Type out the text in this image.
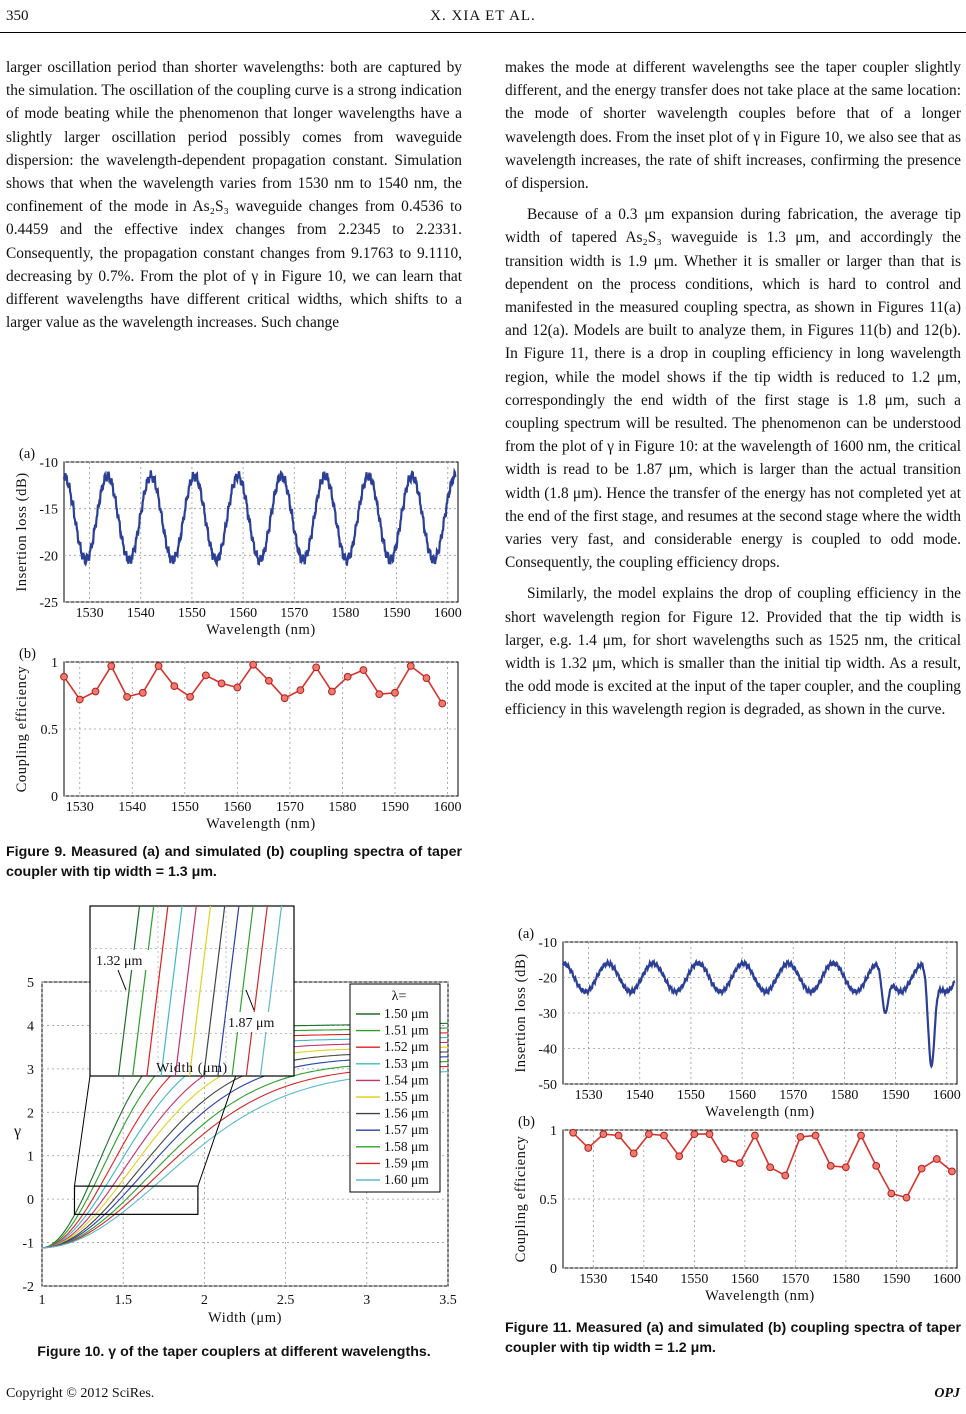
350	X. XIA ET AL.

larger oscillation period than shorter wavelengths: both are captured by the simulation. The oscillation of the coupling curve is a strong indication of mode beating while the phenomenon that longer wavelengths have a slightly larger oscillation period possibly comes from waveguide dispersion: the wavelength-dependent propagation constant. Simulation shows that when the wavelength varies from 1530 nm to 1540 nm, the confinement of the mode in As₂S₃ waveguide changes from 0.4536 to 0.4459 and the effective index changes from 2.2345 to 2.2331. Consequently, the propagation constant changes from 9.1763 to 9.1110, decreasing by 0.7%. From the plot of γ in Figure 10, we can learn that different wavelengths have different critical widths, which shifts to a larger value as the wavelength increases. Such change

makes the mode at different wavelengths see the taper coupler slightly different, and the energy transfer does not take place at the same location: the mode of shorter wavelength couples before that of a longer wavelength does. From the inset plot of γ in Figure 10, we also see that as wavelength increases, the rate of shift increases, confirming the presence of dispersion.

Because of a 0.3 μm expansion during fabrication, the average tip width of tapered As₂S₃ waveguide is 1.3 μm, and accordingly the transition width is 1.9 μm. Whether it is smaller or larger than that is dependent on the process conditions, which is hard to control and manifested in the measured coupling spectra, as shown in Figures 11(a) and 12(a). Models are built to analyze them, in Figures 11(b) and 12(b). In Figure 11, there is a drop in coupling efficiency in long wavelength region, while the model shows if the tip width is reduced to 1.2 μm, correspondingly the end width of the first stage is 1.8 μm, such a coupling spectrum will be resulted. The phenomenon can be understood from the plot of γ in Figure 10: at the wavelength of 1600 nm, the critical width is read to be 1.87 μm, which is larger than the actual transition width (1.8 μm). Hence the transfer of the energy has not completed yet at the end of the first stage, and resumes at the second stage where the width varies very fast, and considerable energy is coupled to odd mode. Consequently, the coupling efficiency drops.

Similarly, the model explains the drop of coupling efficiency in the short wavelength region for Figure 12. Provided that the tip width is larger, e.g. 1.4 μm, for short wavelengths such as 1525 nm, the critical width is 1.32 μm, which is smaller than the initial tip width. As a result, the odd mode is excited at the input of the taper coupler, and the coupling efficiency in this wavelength region is degraded, as shown in the curve.

1530 1540 1550 1560 1570 1580 1590 1600
-10
-15
-20
-25
Wavelength (nm)
Insertion loss (dB)
(a)
1530 1540 1550 1560 1570 1580 1590 1600
0
0.5
1
Wavelength (nm)
Coupling efficiency
(b)
Figure 9. Measured (a) and simulated (b) coupling spectra of taper coupler with tip width = 1.3 μm.
1	1.5	2	2.5	3	3.5
-2
-1
0
1
2
3
4
5
Width (μm)
γ
Width (μm)
1.32 μm
1.87 μm
λ=
1.50 μm
1.51 μm
1.52 μm
1.53 μm
1.54 μm
1.55 μm
1.56 μm
1.57 μm
1.58 μm
1.59 μm
1.60 μm
Figure 10. γ of the taper couplers at different wavelengths.
1530 1540 1550 1560 1570 1580 1590 1600
-10
-20
-30
-40
-50
Wavelength (nm)
Insertion loss (dB)
(a)
1530 1540 1550 1560 1570 1580 1590 1600
0
0.5
1
Wavelength (nm)
Coupling efficiency
(b)
Figure 11. Measured (a) and simulated (b) coupling spectra of taper coupler with tip width = 1.2 μm.
Copyright © 2012 SciRes.	OPJ
